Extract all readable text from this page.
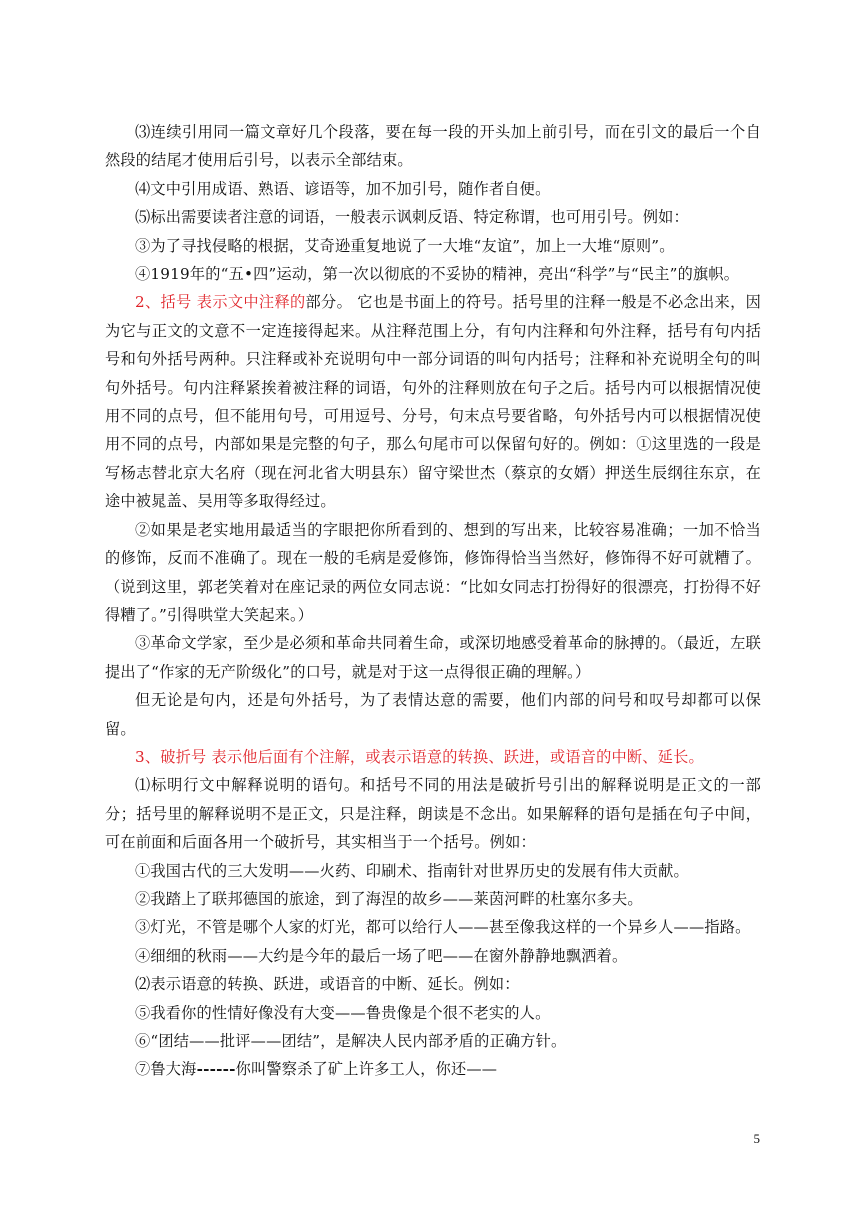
⑶连续引用同一篇文章好几个段落，要在每一段的开头加上前引号，而在引文的最后一个自然段的结尾才使用后引号，以表示全部结束。

⑷文中引用成语、熟语、谚语等，加不加引号，随作者自便。

⑸标出需要读者注意的词语，一般表示讽刺反语、特定称谓，也可用引号。例如：

③为了寻找侵略的根据，艾奇逊重复地说了一大堆“友谊”，加上一大堆“原则”。

④1919年的“五•四”运动，第一次以彻底的不妥协的精神，亮出“科学”与“民主”的旗帜。

2、括号 表示文中注释的部分。 它也是书面上的符号。括号里的注释一般是不必念出来，因为它与正文的文意不一定连接得起来。从注释范围上分，有句内注释和句外注释，括号有句内括号和句外括号两种。只注释或补充说明句中一部分词语的叫句内括号；注释和补充说明全句的叫句外括号。句内注释紧挨着被注释的词语，句外的注释则放在句子之后。括号内可以根据情况使用不同的点号，但不能用句号，可用逗号、分号，句末点号要省略，句外括号内可以根据情况使用不同的点号，内部如果是完整的句子，那么句尾市可以保留句好的。例如：①这里选的一段是写杨志替北京大名府（现在河北省大明县东）留守梁世杰（蔡京的女婿）押送生辰纲往东京，在途中被晁盖、吴用等多取得经过。

②如果是老实地用最适当的字眼把你所看到的、想到的写出来，比较容易准确；一加不恰当的修饰，反而不准确了。现在一般的毛病是爱修饰，修饰得恰当当然好，修饰得不好可就糟了。（说到这里，郭老笑着对在座记录的两位女同志说：“比如女同志打扮得好的很漂亮，打扮得不好得糟了。”引得哄堂大笑起来。）

③革命文学家，至少是必须和革命共同着生命，或深切地感受着革命的脉搏的。（最近，左联提出了“作家的无产阶级化”的口号，就是对于这一点得很正确的理解。）

但无论是句内，还是句外括号，为了表情达意的需要，他们内部的问号和叹号却都可以保留。

3、破折号 表示他后面有个注解，或表示语意的转换、跃进，或语音的中断、延长。

⑴标明行文中解释说明的语句。和括号不同的用法是破折号引出的解释说明是正文的一部分；括号里的解释说明不是正文，只是注释，朗读是不念出。如果解释的语句是插在句子中间，可在前面和后面各用一个破折号，其实相当于一个括号。例如：

①我国古代的三大发明——火药、印刷术、指南针对世界历史的发展有伟大贡献。

②我踏上了联邦德国的旅途，到了海涅的故乡——莱茵河畔的杜塞尔多夫。

③灯光，不管是哪个人家的灯光，都可以给行人——甚至像我这样的一个异乡人——指路。

④细细的秋雨——大约是今年的最后一场了吧——在窗外静静地飘洒着。

⑵表示语意的转换、跃进，或语音的中断、延长。例如：

⑤我看你的性情好像没有大变——鲁贵像是个很不老实的人。

⑥“团结——批评——团结”，是解决人民内部矛盾的正确方针。

⑦鲁大海------你叫警察杀了矿上许多工人，你还——

5
